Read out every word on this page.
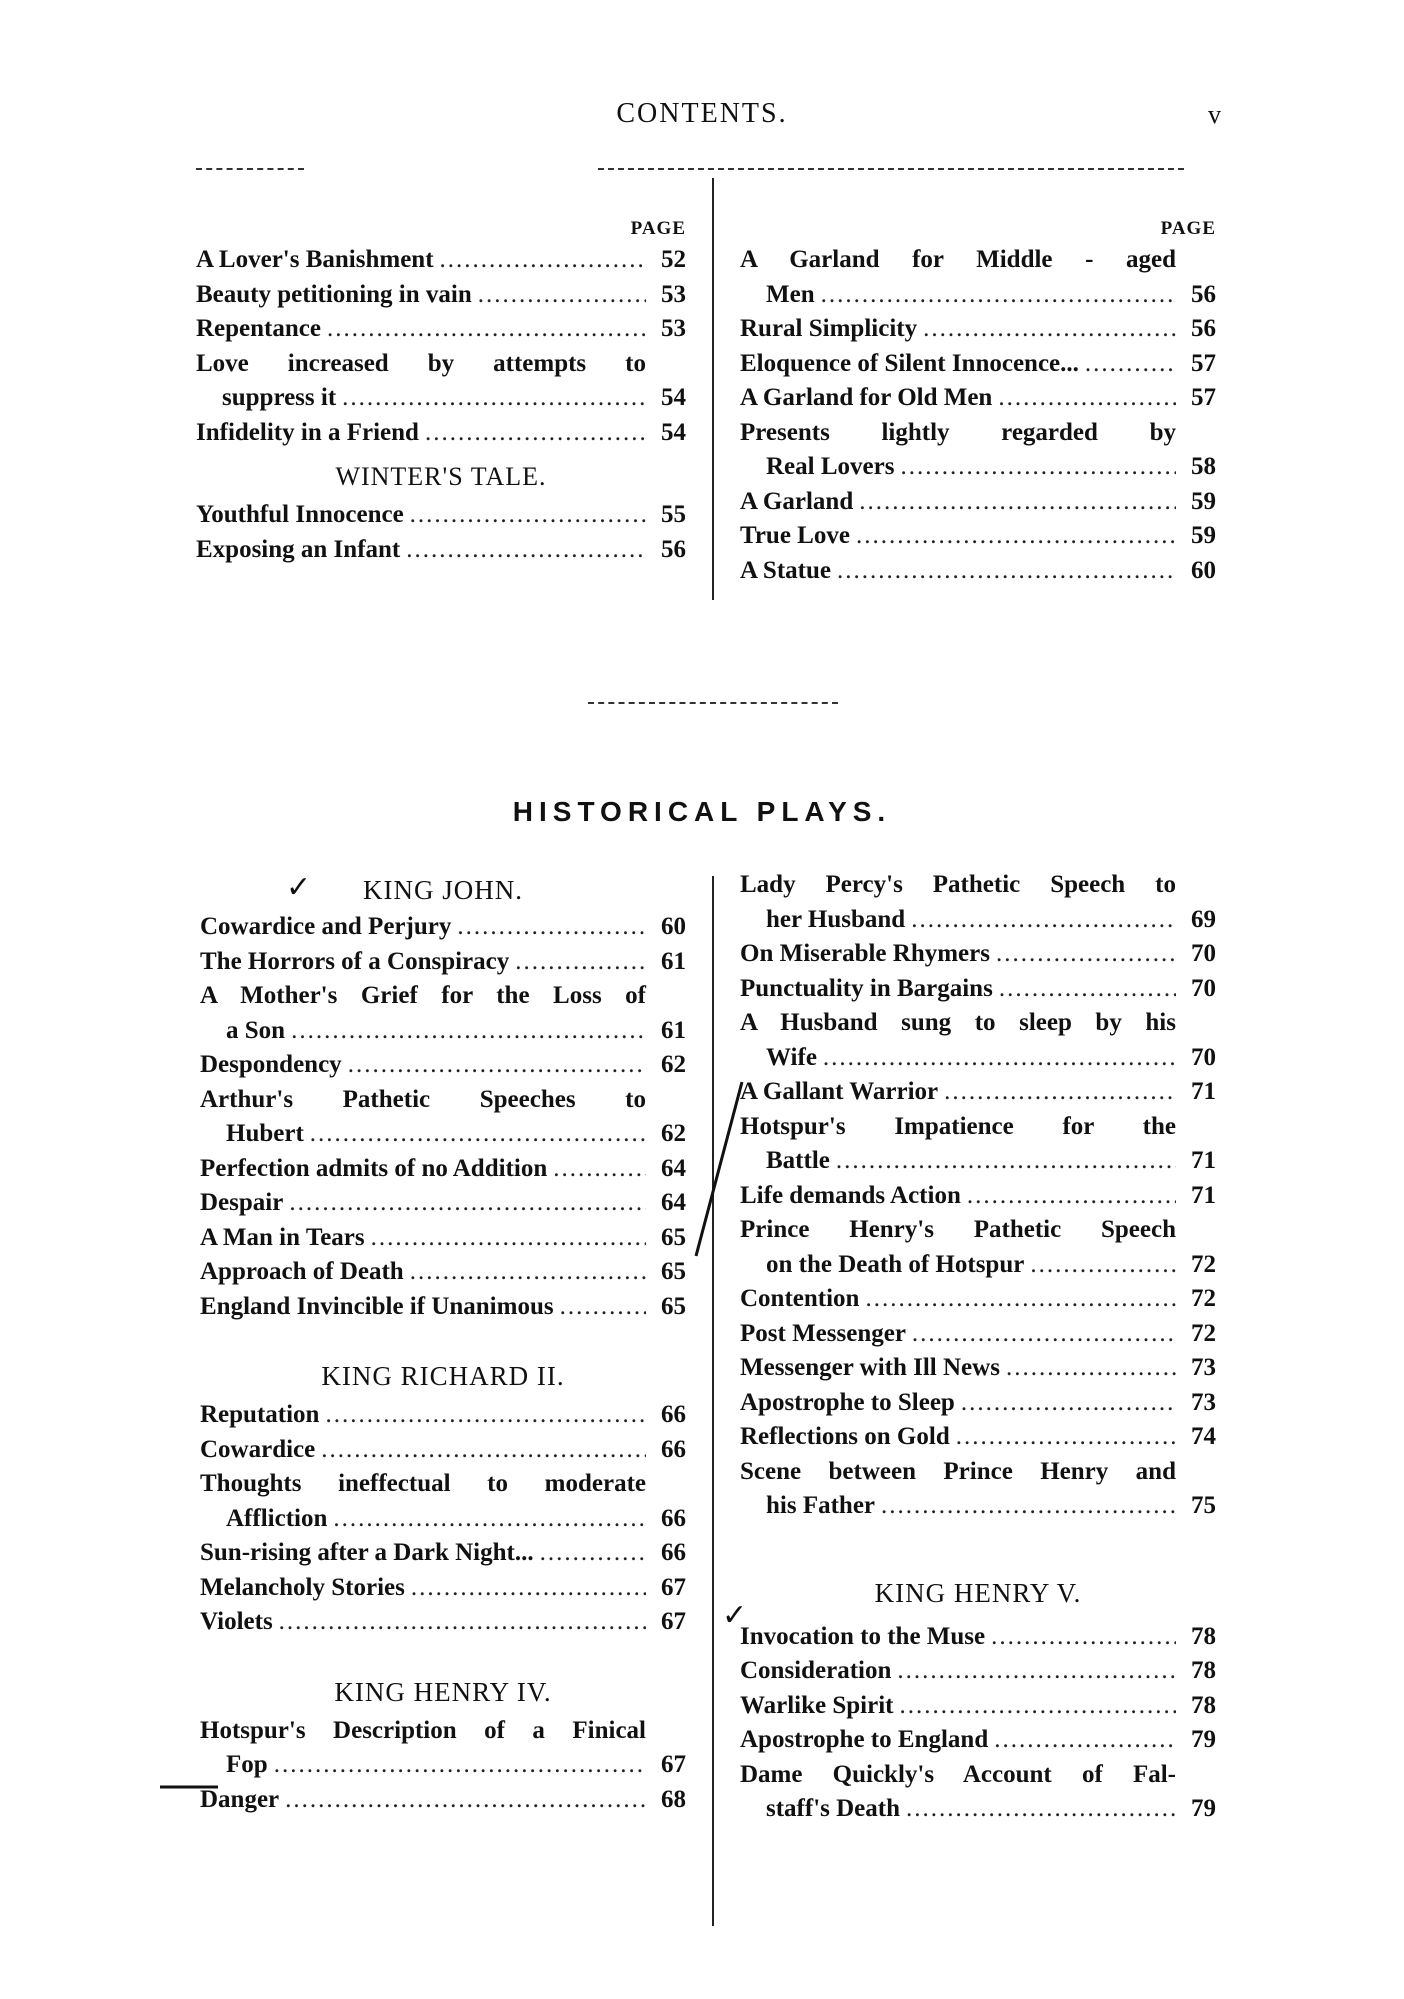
CONTENTS.	v
PAGE
A Lover's Banishment .....	52
Beauty petitioning in vain .....	53
Repentance .....	53
Love increased by attempts to
suppress it .....	54
Infidelity in a Friend .....	54
WINTER'S TALE.
Youthful Innocence .....	55
Exposing an Infant .....	56
PAGE
A Garland for Middle - aged
Men .....	56
Rural Simplicity .....	56
Eloquence of Silent Innocence... .....	57
A Garland for Old Men .....	57
Presents lightly regarded by
Real Lovers .....	58
A Garland .....	59
True Love .....	59
A Statue .....	60
HISTORICAL PLAYS.
KING JOHN.
Cowardice and Perjury .....	60
The Horrors of a Conspiracy .....	61
A Mother's Grief for the Loss of
a Son .....	61
Despondency .....	62
Arthur's Pathetic Speeches to
Hubert .....	62
Perfection admits of no Addition .....	64
Despair .....	64
A Man in Tears .....	65
Approach of Death .....	65
England Invincible if Unanimous .....	65
KING RICHARD II.
Reputation .....	66
Cowardice .....	66
Thoughts ineffectual to moderate
Affliction .....	66
Sun-rising after a Dark Night... .....	66
Melancholy Stories .....	67
Violets .....	67
KING HENRY IV.
Hotspur's Description of a Finical
Fop .....	67
Danger .....	68
Lady Percy's Pathetic Speech to
her Husband .....	69
On Miserable Rhymers .....	70
Punctuality in Bargains .....	70
A Husband sung to sleep by his
Wife .....	70
A Gallant Warrior .....	71
Hotspur's Impatience for the
Battle .....	71
Life demands Action .....	71
Prince Henry's Pathetic Speech
on the Death of Hotspur .....	72
Contention .....	72
Post Messenger .....	72
Messenger with Ill News .....	73
Apostrophe to Sleep .....	73
Reflections on Gold .....	74
Scene between Prince Henry and
his Father .....	75
KING HENRY V.
Invocation to the Muse .....	78
Consideration .....	78
Warlike Spirit .....	78
Apostrophe to England .....	79
Dame Quickly's Account of Fal-
staff's Death .....	79
✓
✓
